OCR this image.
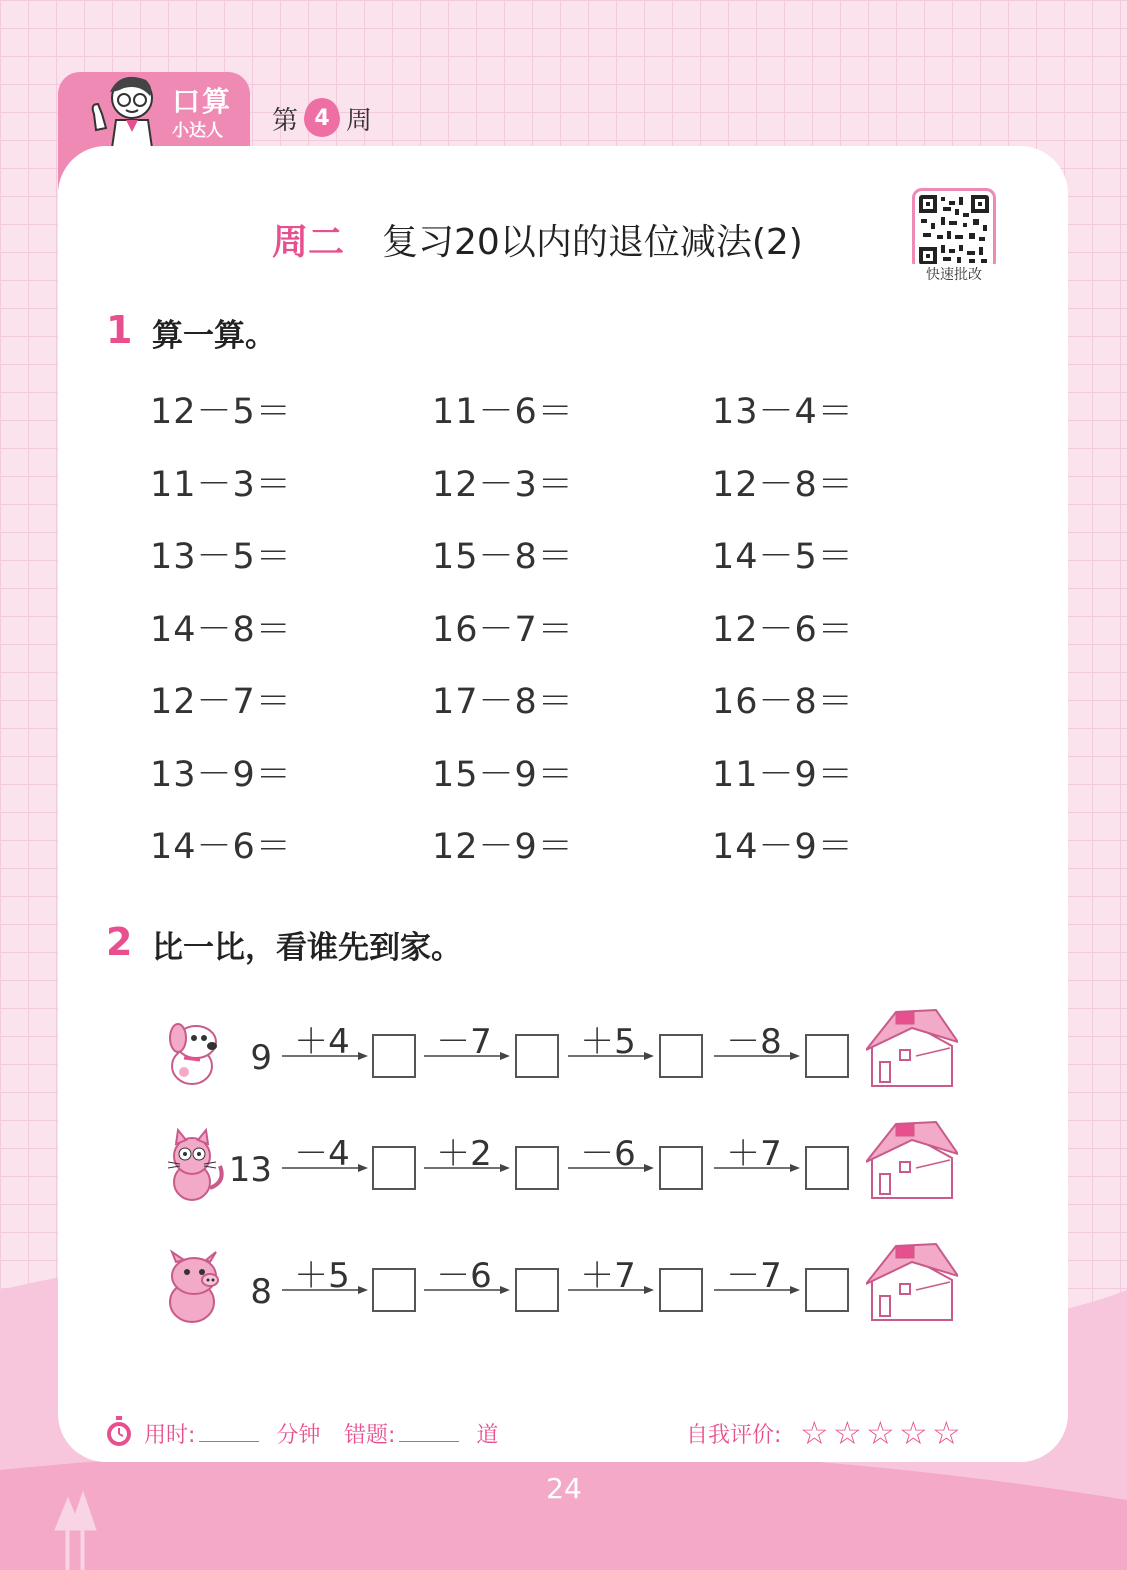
口算
小达人 第 4 周
周二 复习20以内的退位减法(2)
快速批改
1 算一算。
12－5＝	11－6＝	13－4＝
11－3＝	12－3＝	12－8＝
13－5＝	15－8＝	14－5＝
14－8＝	16－7＝	12－6＝
12－7＝	17－8＝	16－8＝
13－9＝	15－9＝	11－9＝
14－6＝	12－9＝	14－9＝
2 比一比，看谁先到家。
9 ＋4	－7	＋5	－8
13 －4	＋2	－6	＋7
8 ＋5	－6	＋7	－7
用时:	分钟 错题:	道	自我评价: ☆ ☆ ☆ ☆ ☆
24
